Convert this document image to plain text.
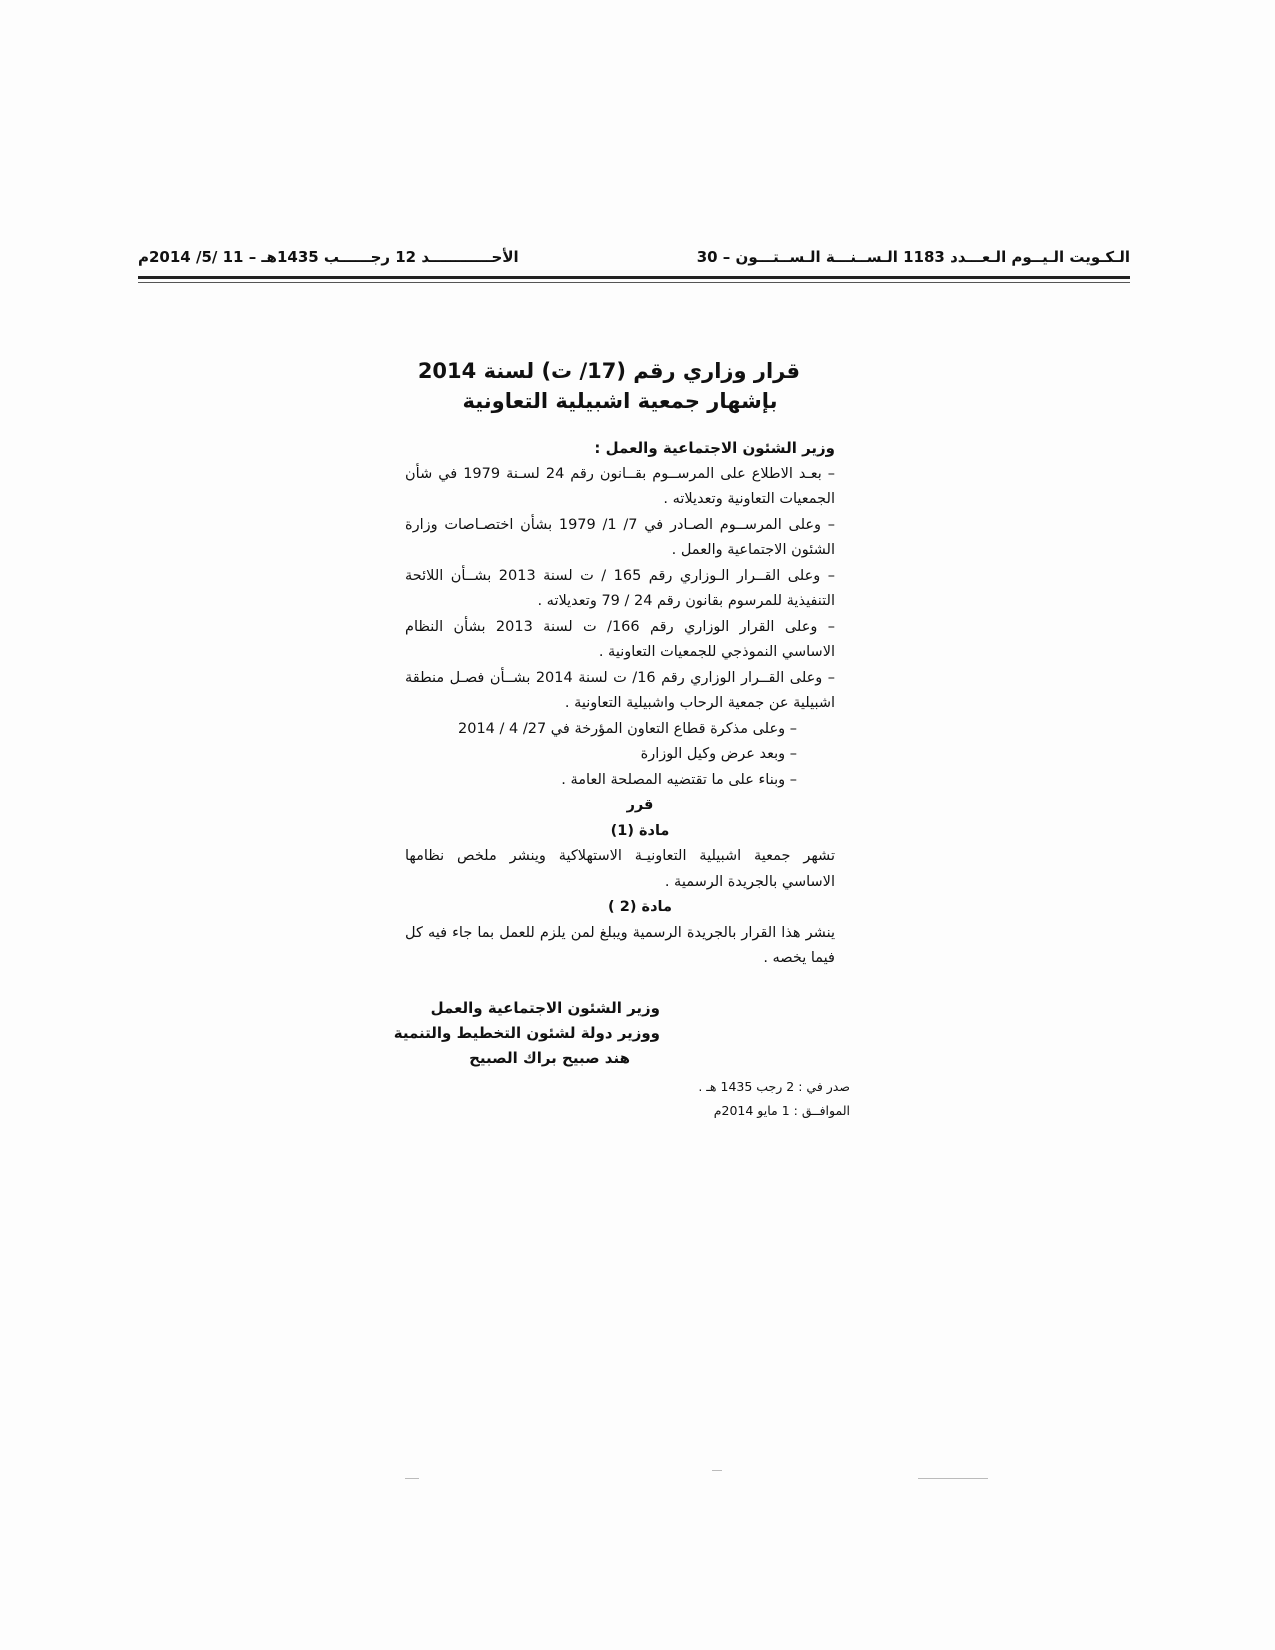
الـكـويت الـيــوم الـعـــدد 1183 الـســنـــة الـســتـــون – 30
الأحــــــــــــد 12 رجــــــب 1435هـ – 11 /5/ 2014م
قرار وزاري رقم (17/ ت) لسنة 2014
بإشهار جمعية اشبيلية التعاونية

وزير الشئون الاجتماعية والعمل :

– بعـد الاطلاع على المرســوم بقــانون رقم 24 لسـنة 1979 في شأن الجمعيات التعاونية وتعديلاته .

– وعلى المرســوم الصـادر في 7/ 1/ 1979 بشأن اختصـاصات وزارة الشئون الاجتماعية والعمل .

– وعلى القــرار الـوزاري رقم 165 / ت لسنة 2013 بشــأن اللائحة التنفيذية للمرسوم بقانون رقم 24 / 79 وتعديلاته .

– وعلى القرار الوزاري رقم 166/ ت لسنة 2013 بشأن النظام الاساسي النموذجي للجمعيات التعاونية .

– وعلى القــرار الوزاري رقم 16/ ت لسنة 2014 بشــأن فصـل منطقة اشبيلية عن جمعية الرحاب واشبيلية التعاونية .

– وعلى مذكرة قطاع التعاون المؤرخة في 27/ 4 / 2014

– وبعد عرض وكيل الوزارة

– وبناء على ما تقتضيه المصلحة العامة .

قرر

مادة (1)

تشهر جمعية اشبيلية التعاونيـة الاستهلاكية وينشر ملخص نظامها الاساسي بالجريدة الرسمية .

مادة (2 )

ينشر هذا القرار بالجريدة الرسمية ويبلغ لمن يلزم للعمل بما جاء فيه كل فيما يخصه .

وزير الشئون الاجتماعية والعمل

ووزير دولة لشئون التخطيط والتنمية

هند صبيح براك الصبيح

صدر في : 2 رجب 1435 هـ .

الموافــق : 1 مايو 2014م
